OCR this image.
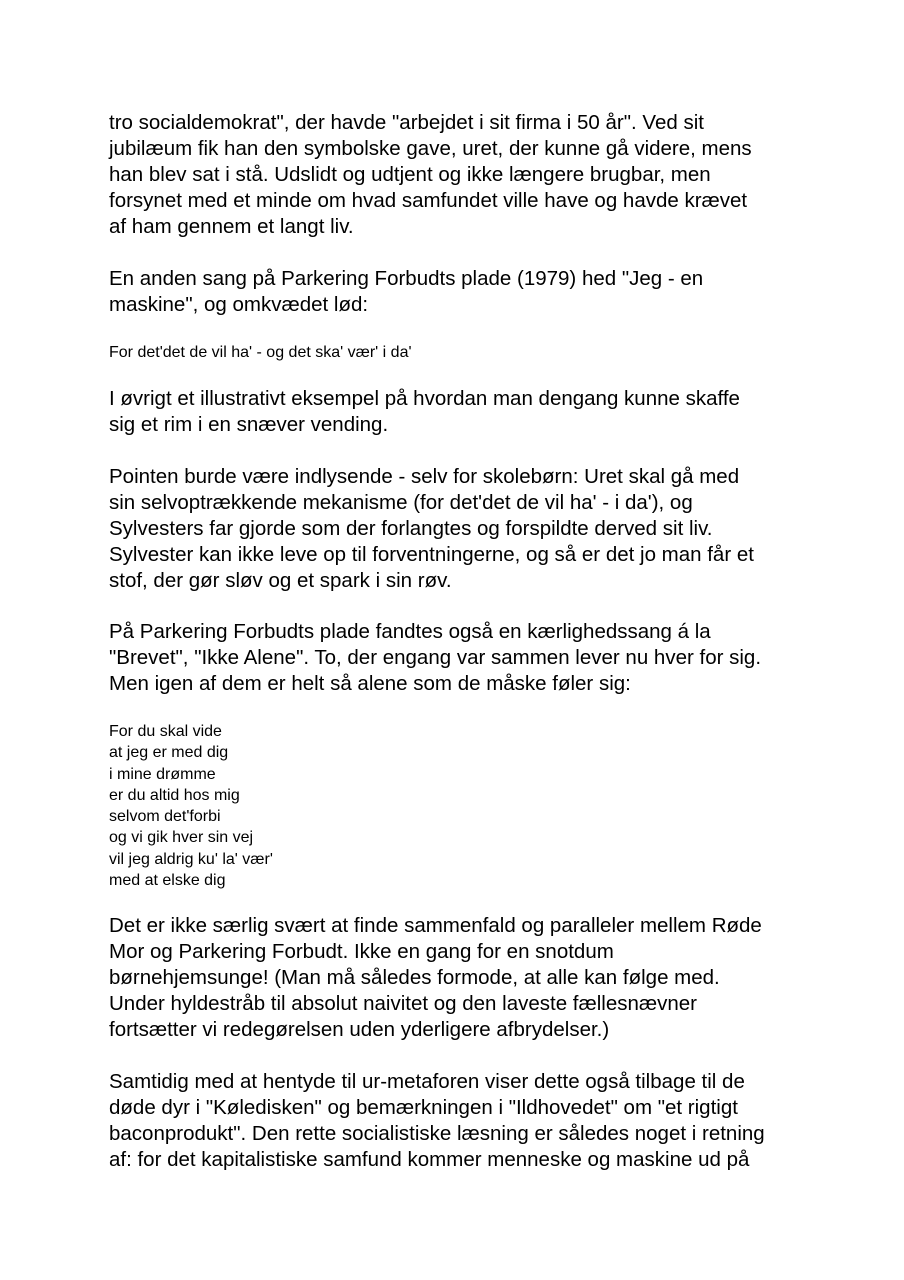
tro socialdemokrat", der havde "arbejdet i sit firma i 50 år". Ved sit
jubilæum fik han den symbolske gave, uret, der kunne gå videre, mens
han blev sat i stå. Udslidt og udtjent og ikke længere brugbar, men
forsynet med et minde om hvad samfundet ville have og havde krævet
af ham gennem et langt liv.
En anden sang på Parkering Forbudts plade (1979) hed "Jeg - en
maskine", og omkvædet lød:
For det'det de vil ha' - og det ska' vær' i da'
I øvrigt et illustrativt eksempel på hvordan man dengang kunne skaffe
sig et rim i en snæver vending.
Pointen burde være indlysende - selv for skolebørn: Uret skal gå med
sin selvoptrækkende mekanisme (for det'det de vil ha' - i da'), og
Sylvesters far gjorde som der forlangtes og forspildte derved sit liv.
Sylvester kan ikke leve op til forventningerne, og så er det jo man får et
stof, der gør sløv og et spark i sin røv.
På Parkering Forbudts plade fandtes også en kærlighedssang á la
"Brevet", "Ikke Alene". To, der engang var sammen lever nu hver for sig.
Men igen af dem er helt så alene som de måske føler sig:
For du skal vide
at jeg er med dig
i mine drømme
er du altid hos mig
selvom det'forbi
og vi gik hver sin vej
vil jeg aldrig ku' la' vær'
med at elske dig
Det er ikke særlig svært at finde sammenfald og paralleler mellem Røde
Mor og Parkering Forbudt. Ikke en gang for en snotdum
børnehjemsunge! (Man må således formode, at alle kan følge med.
Under hyldestråb til absolut naivitet og den laveste fællesnævner
fortsætter vi redegørelsen uden yderligere afbrydelser.)
Samtidig med at hentyde til ur-metaforen viser dette også tilbage til de
døde dyr i "Køledisken" og bemærkningen i "Ildhovedet" om "et rigtigt
baconprodukt". Den rette socialistiske læsning er således noget i retning
af: for det kapitalistiske samfund kommer menneske og maskine ud på
